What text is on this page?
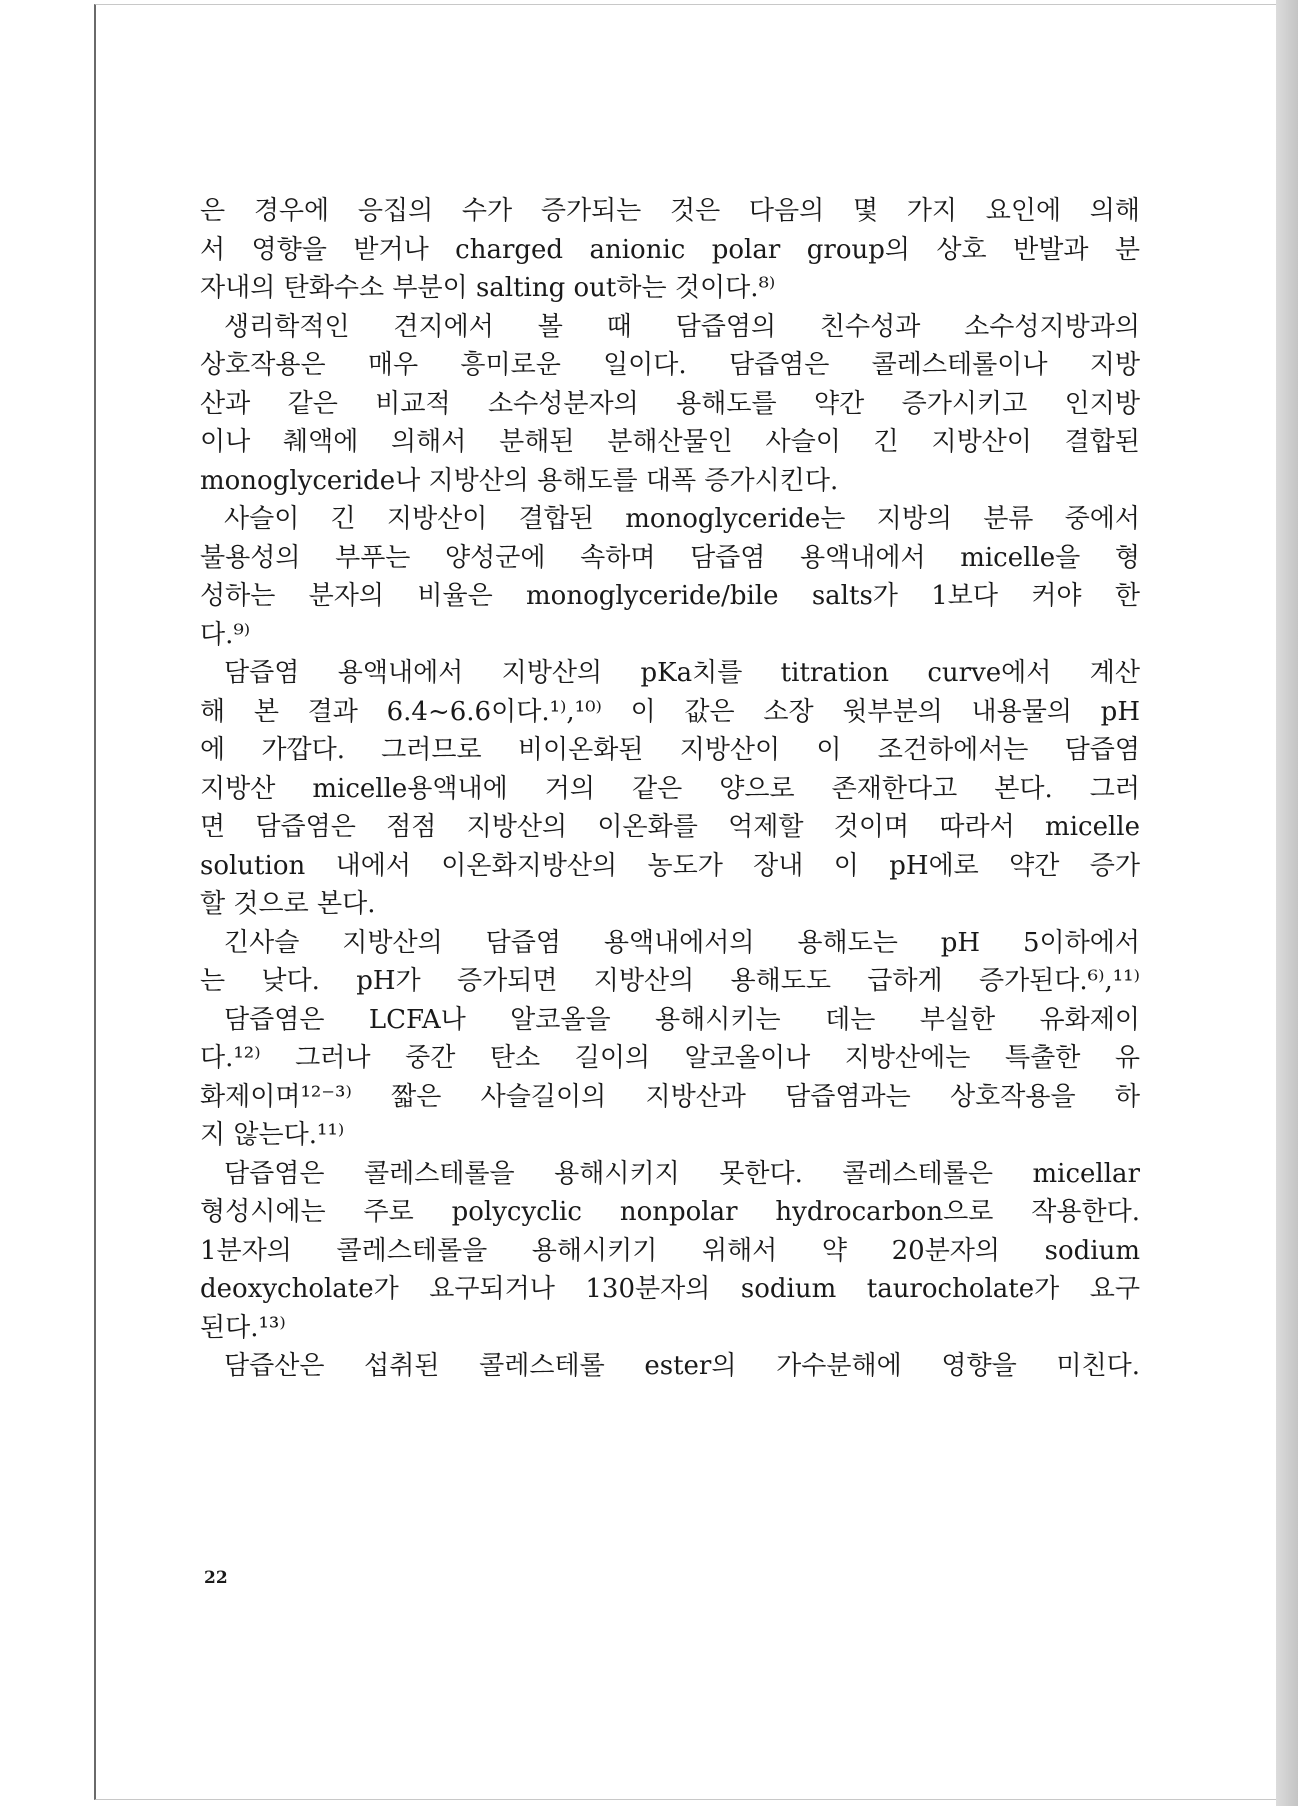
은 경우에 응집의 수가 증가되는 것은 다음의 몇 가지 요인에 의해
서 영향을 받거나 charged anionic polar group의 상호 반발과 분
자내의 탄화수소 부분이 salting out하는 것이다.⁸⁾
생리학적인 견지에서 볼 때 담즙염의 친수성과 소수성지방과의
상호작용은 매우 흥미로운 일이다. 담즙염은 콜레스테롤이나 지방
산과 같은 비교적 소수성분자의 용해도를 약간 증가시키고 인지방
이나 췌액에 의해서 분해된 분해산물인 사슬이 긴 지방산이 결합된
monoglyceride나 지방산의 용해도를 대폭 증가시킨다.
사슬이 긴 지방산이 결합된 monoglyceride는 지방의 분류 중에서
불용성의 부푸는 양성군에 속하며 담즙염 용액내에서 micelle을 형
성하는 분자의 비율은 monoglyceride/bile salts가 1보다 커야 한
다.⁹⁾
담즙염 용액내에서 지방산의 pKa치를 titration curve에서 계산
해 본 결과 6.4~6.6이다.¹⁾,¹⁰⁾ 이 값은 소장 윗부분의 내용물의 pH
에 가깝다. 그러므로 비이온화된 지방산이 이 조건하에서는 담즙염
지방산 micelle용액내에 거의 같은 양으로 존재한다고 본다. 그러
면 담즙염은 점점 지방산의 이온화를 억제할 것이며 따라서 micelle
solution 내에서 이온화지방산의 농도가 장내 이 pH에로 약간 증가
할 것으로 본다.
긴사슬 지방산의 담즙염 용액내에서의 용해도는 pH 5이하에서
는 낮다. pH가 증가되면 지방산의 용해도도 급하게 증가된다.⁶⁾,¹¹⁾
담즙염은 LCFA나 알코올을 용해시키는 데는 부실한 유화제이
다.¹²⁾ 그러나 중간 탄소 길이의 알코올이나 지방산에는 특출한 유
화제이며¹²⁻³⁾ 짧은 사슬길이의 지방산과 담즙염과는 상호작용을 하
지 않는다.¹¹⁾
담즙염은 콜레스테롤을 용해시키지 못한다. 콜레스테롤은 micellar
형성시에는 주로 polycyclic nonpolar hydrocarbon으로 작용한다.
1분자의 콜레스테롤을 용해시키기 위해서 약 20분자의 sodium
deoxycholate가 요구되거나 130분자의 sodium taurocholate가 요구
된다.¹³⁾
담즙산은 섭취된 콜레스테롤 ester의 가수분해에 영향을 미친다.
22
